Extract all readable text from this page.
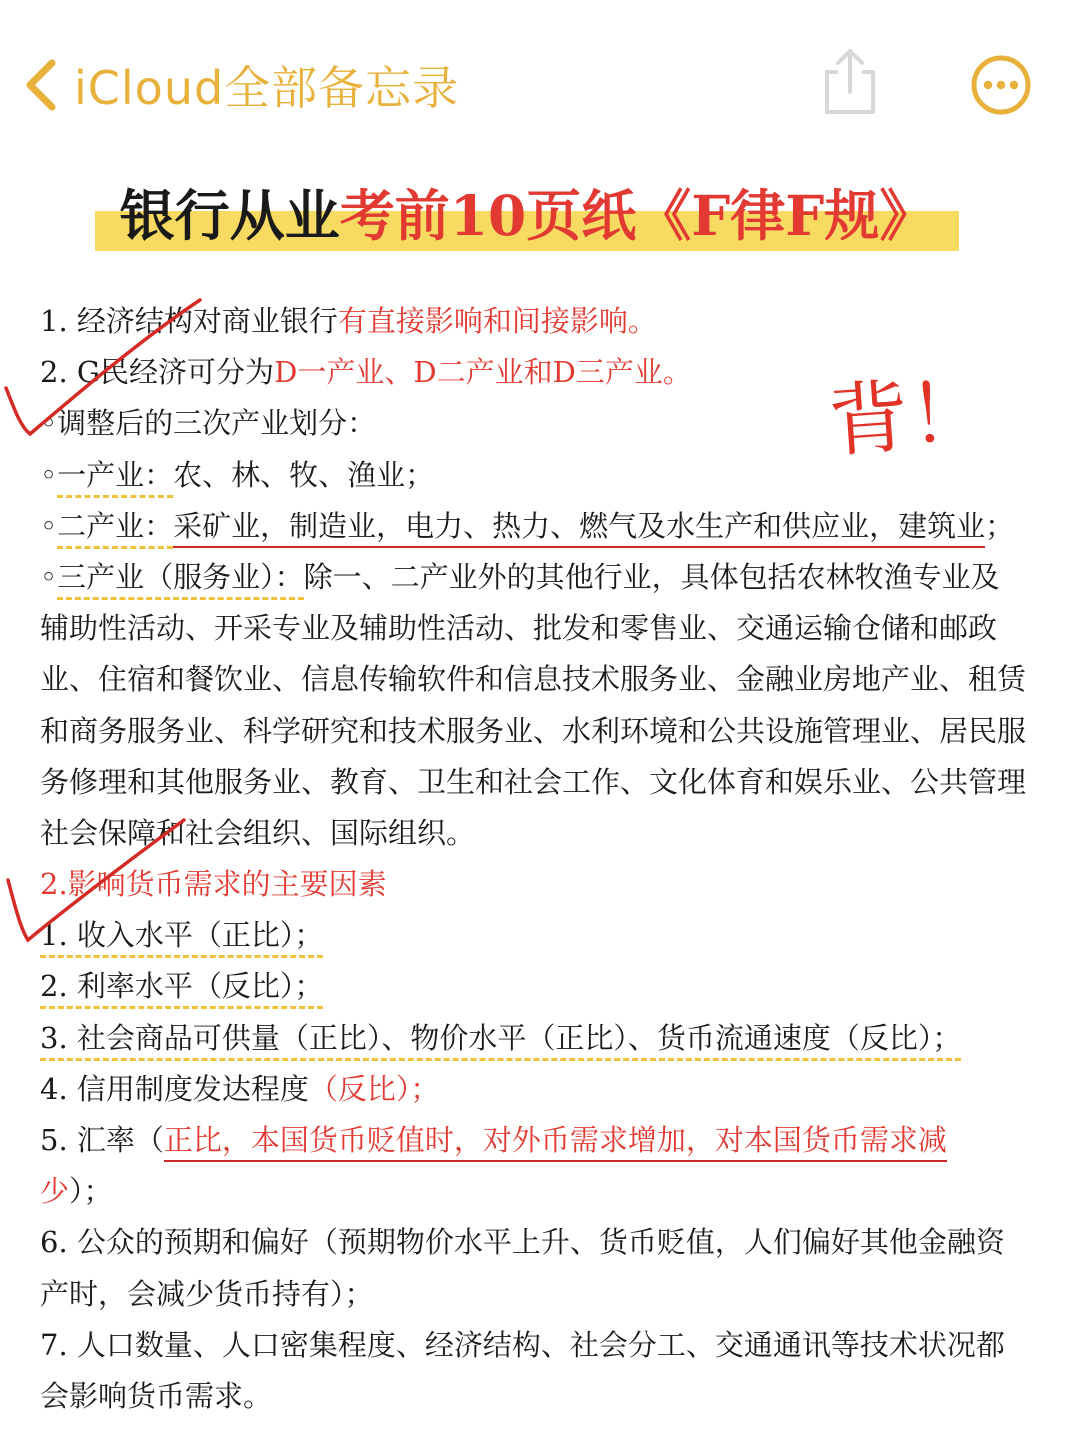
iCloud全部备忘录
银行从业考前10页纸《F律F规》
1. 经济结构对商业银行有直接影响和间接影响。
2. G民经济可分为D一产业、D二产业和D三产业。
◦调整后的三次产业划分：
◦一产业：农、林、牧、渔业；
◦二产业：采矿业，制造业，电力、热力、燃气及水生产和供应业，建筑业；
◦三产业（服务业）：除一、二产业外的其他行业，具体包括农林牧渔专业及
辅助性活动、开采专业及辅助性活动、批发和零售业、交通运输仓储和邮政
业、住宿和餐饮业、信息传输软件和信息技术服务业、金融业房地产业、租赁
和商务服务业、科学研究和技术服务业、水利环境和公共设施管理业、居民服
务修理和其他服务业、教育、卫生和社会工作、文化体育和娱乐业、公共管理
社会保障和社会组织、国际组织。
2.影响货币需求的主要因素
1. 收入水平（正比）；
2. 利率水平（反比）；
3. 社会商品可供量（正比）、物价水平（正比）、货币流通速度（反比）；
4. 信用制度发达程度（反比）；
5. 汇率（正比，本国货币贬值时，对外币需求增加，对本国货币需求减
少）；
6. 公众的预期和偏好（预期物价水平上升、货币贬值，人们偏好其他金融资
产时，会减少货币持有）；
7. 人口数量、人口密集程度、经济结构、社会分工、交通通讯等技术状况都
会影响货币需求。
背！
